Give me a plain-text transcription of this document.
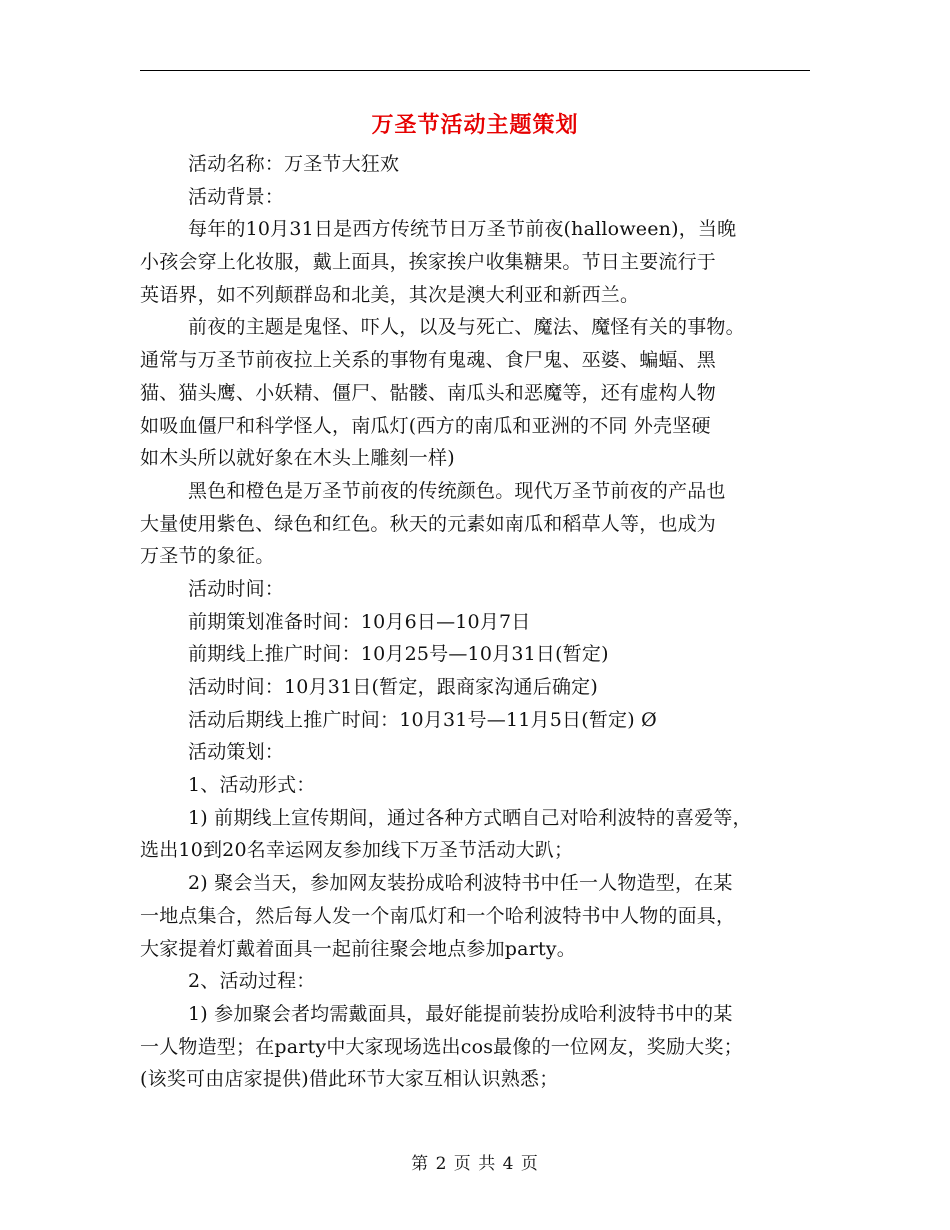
万圣节活动主题策划
活动名称：万圣节大狂欢
活动背景：
每年的10月31日是西方传统节日万圣节前夜(halloween)，当晚
小孩会穿上化妆服，戴上面具，挨家挨户收集糖果。节日主要流行于
英语界，如不列颠群岛和北美，其次是澳大利亚和新西兰。
前夜的主题是鬼怪、吓人，以及与死亡、魔法、魔怪有关的事物。
通常与万圣节前夜拉上关系的事物有鬼魂、食尸鬼、巫婆、蝙蝠、黑
猫、猫头鹰、小妖精、僵尸、骷髅、南瓜头和恶魔等，还有虚构人物
如吸血僵尸和科学怪人，南瓜灯(西方的南瓜和亚洲的不同 外壳坚硬
如木头所以就好象在木头上雕刻一样)
黑色和橙色是万圣节前夜的传统颜色。现代万圣节前夜的产品也
大量使用紫色、绿色和红色。秋天的元素如南瓜和稻草人等，也成为
万圣节的象征。
活动时间：
前期策划准备时间：10月6日—10月7日
前期线上推广时间：10月25号—10月31日(暂定)
活动时间：10月31日(暂定，跟商家沟通后确定)
活动后期线上推广时间：10月31号—11月5日(暂定) Ø
活动策划：
1、活动形式：
1) 前期线上宣传期间，通过各种方式晒自己对哈利波特的喜爱等，
选出10到20名幸运网友参加线下万圣节活动大趴；
2) 聚会当天，参加网友装扮成哈利波特书中任一人物造型，在某
一地点集合，然后每人发一个南瓜灯和一个哈利波特书中人物的面具，
大家提着灯戴着面具一起前往聚会地点参加party。
2、活动过程：
1) 参加聚会者均需戴面具，最好能提前装扮成哈利波特书中的某
一人物造型；在party中大家现场选出cos最像的一位网友，奖励大奖；
(该奖可由店家提供)借此环节大家互相认识熟悉；
第 2 页 共 4 页
